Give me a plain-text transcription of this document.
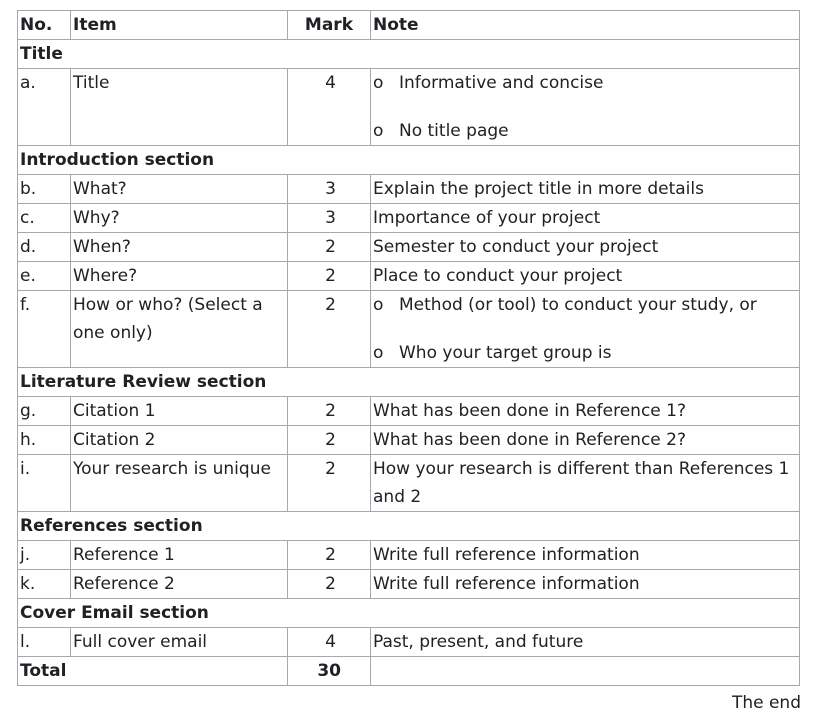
No.	Item	Mark	Note
Title			
a.	Title	4	o Informative and concise
o No title page

Introduction section			
b.	What?	3	Explain the project title in more details
c.	Why?	3	Importance of your project
d.	When?	2	Semester to conduct your project
e.	Where?	2	Place to conduct your project
f.	How or who? (Select a one only)	2	o Method (or tool) to conduct your study, or
o Who your target group is

Literature Review section			
g.	Citation 1	2	What has been done in Reference 1?
h.	Citation 2	2	What has been done in Reference 2?
i.	Your research is unique	2	How your research is different than References 1 and 2

References section			
j.	Reference 1	2	Write full reference information
k.	Reference 2	2	Write full reference information
Cover Email section			
l.	Full cover email	4	Past, present, and future
Total		30	
The end
